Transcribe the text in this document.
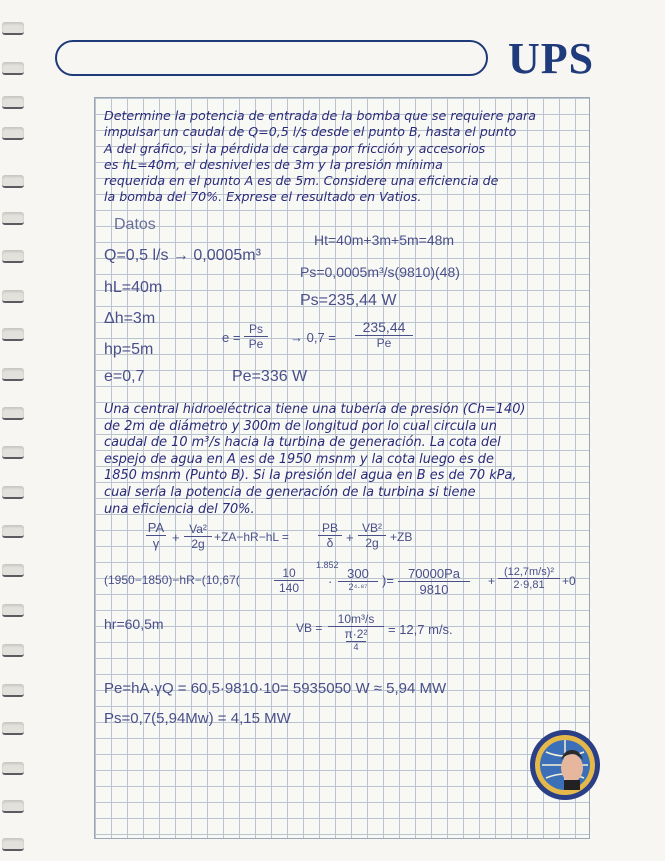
UPS
Determine la potencia de entrada de la bomba que se requiere para
impulsar un caudal de Q=0,5 l/s desde el punto B, hasta el punto
A del gráfico, si la pérdida de carga por fricción y accesorios
es hL=40m, el desnivel es de 3m y la presión mínima
requerida en el punto A es de 5m. Considere una eficiencia de
la bomba del 70%. Exprese el resultado en Vatios.
Datos
Q=0,5 l/s → 0,0005m³
hL=40m
Δh=3m
hp=5m
e=0,7
Ht=40m+3m+5m=48m
Ps=0,0005m³/s(9810)(48)
Ps=235,44 W
$e = \frac{Ps}{Pe} \to 0,7 = \frac{235,44}{Pe}$
Pe=336 W
Una central hidroeléctrica tiene una tubería de presión (Ch=140)
de 2m de diámetro y 300m de longitud por lo cual circula un
caudal de 10 m³/s hacia la turbina de generación. La cota del
espejo de agua en A es de 1950 msnm y la cota luego es de
1850 msnm (Punto B). Si la presión del agua en B es de 70 kPa,
cual sería la potencia de generación de la turbina si tiene
una eficiencia del 70%.
$\frac{PA}{\gamma} + \frac{\text{Va²}}{2g} +ZA-hR-hL = \frac{PB}{\delta} + \frac{\text{VB²}}{2g} +ZB$
(1950−1850)−hR−(10,67(	$\frac{10}{140}$
1.852
·
300
2⁴·⁸⁷	)= $\frac{70000Pa}{9810} + \frac{\text{(12,7m/s)²}}{2\cdot 9,81} +0$
hr=60,5m	VB =
10m³/s
π·2²
4
= 12,7 m/s.
Pe=hA·γQ = 60,5·9810·10= 5935050 W ≈ 5,94 MW
Ps=0,7(5,94Mw) = 4,15 MW
